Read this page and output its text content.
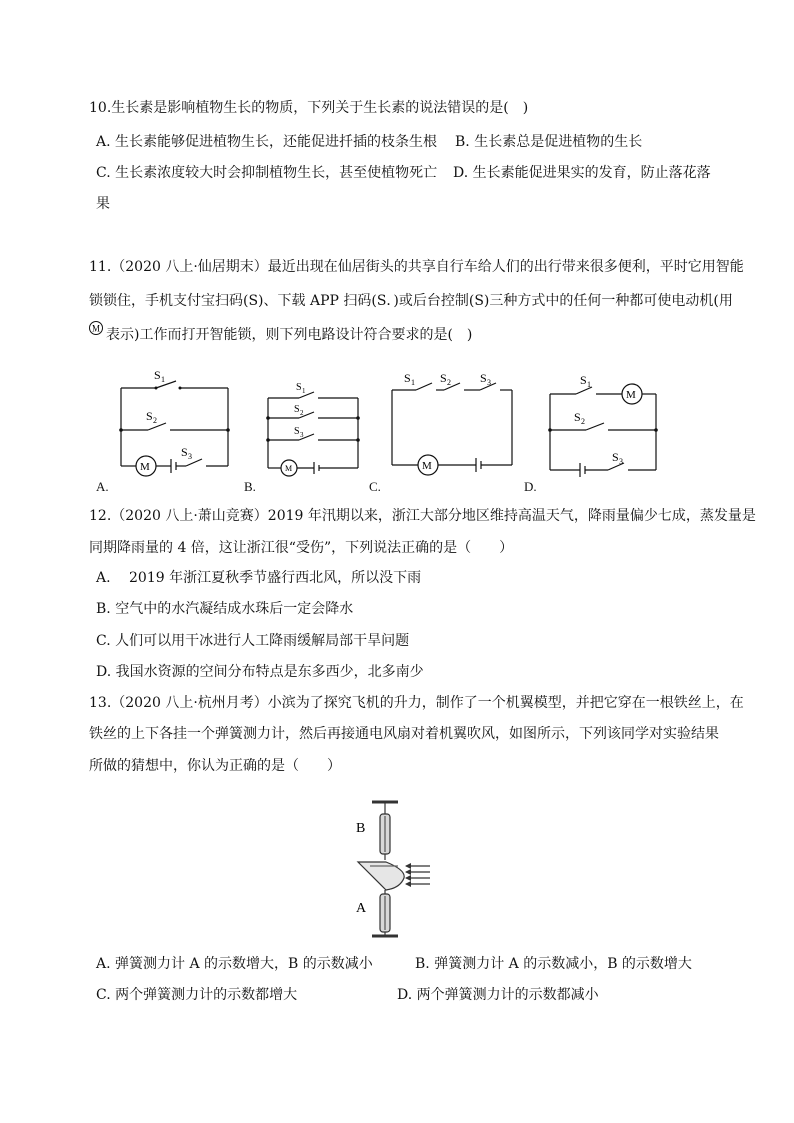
10.生长素是影响植物生长的物质，下列关于生长素的说法错误的是(　)
A. 生长素能够促进植物生长，还能促进扦插的枝条生根 B. 生长素总是促进植物的生长
C. 生长素浓度较大时会抑制植物生长，甚至使植物死亡 D. 生长素能促进果实的发育，防止落花落
果
11.（2020 八上·仙居期末）最近出现在仙居街头的共享自行车给人们的出行带来很多便利，平时它用智能
锁锁住，手机支付宝扫码(S)、下载 APP 扫码(S．)或后台控制(S)三种方式中的任何一种都可使电动机(用
M 表示)工作而打开智能锁，则下列电路设计符合要求的是(　)
M
S 1
S 2
S 3
A.
M
S 1
S 2
S 3
B.
M
S 1 S 2 S 3
C.
M
S 1
S 2
S 3
D.
12.（2020 八上·萧山竞赛）2019 年汛期以来，浙江大部分地区维持高温天气，降雨量偏少七成，蒸发量是
同期降雨量的 4 倍，这让浙江很“受伤”，下列说法正确的是（　　）
A.　 2019 年浙江夏秋季节盛行西北风，所以没下雨
B. 空气中的水汽凝结成水珠后一定会降水
C. 人们可以用干冰进行人工降雨缓解局部干旱问题
D. 我国水资源的空间分布特点是东多西少，北多南少
13.（2020 八上·杭州月考）小滨为了探究飞机的升力，制作了一个机翼模型，并把它穿在一根铁丝上，在
铁丝的上下各挂一个弹簧测力计，然后再接通电风扇对着机翼吹风，如图所示，下列该同学对实验结果
所做的猜想中，你认为正确的是（　　）
B
A
A. 弹簧测力计 A 的示数增大，B 的示数减小	B. 弹簧测力计 A 的示数减小，B 的示数增大
C. 两个弹簧测力计的示数都增大	D. 两个弹簧测力计的示数都减小
